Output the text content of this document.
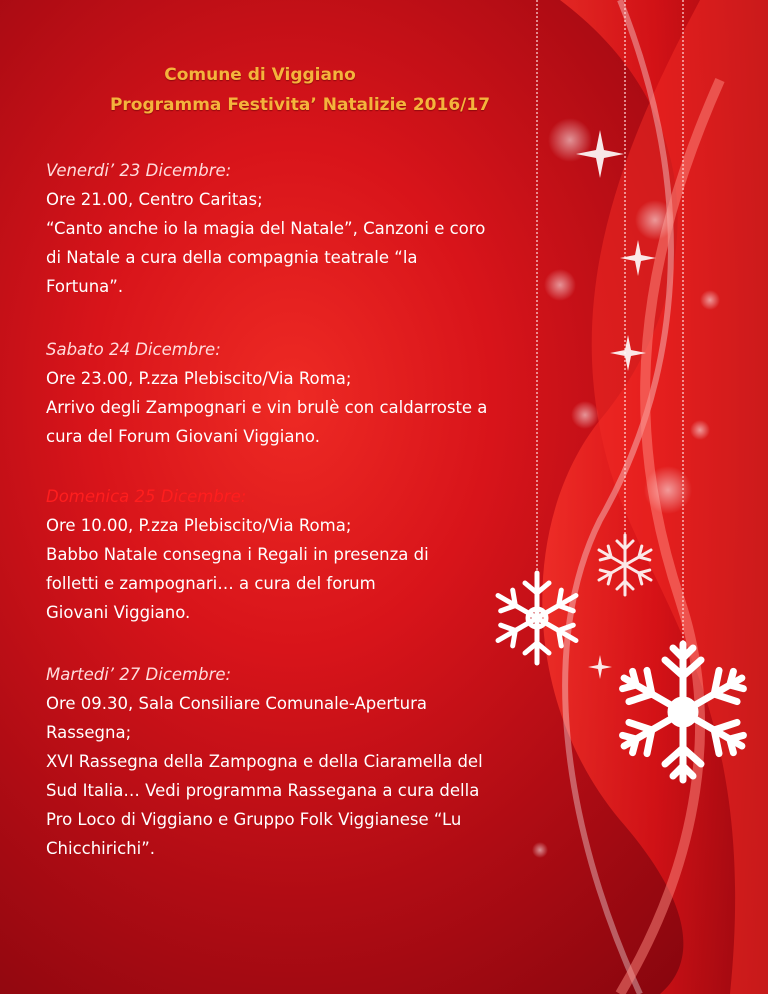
Comune di Viggiano
Programma Festivita’ Natalizie 2016/17
Venerdi’ 23 Dicembre:
Ore 21.00, Centro Caritas;
“Canto anche io la magia del Natale”, Canzoni e coro
di Natale a cura della compagnia teatrale “la
Fortuna”.
Sabato 24 Dicembre:
Ore 23.00, P.zza Plebiscito/Via Roma;
Arrivo degli Zampognari e vin brulè con caldarroste a
cura del Forum Giovani Viggiano.
Domenica 25 Dicembre:
Ore 10.00, P.zza Plebiscito/Via Roma;
Babbo Natale consegna i Regali in presenza di
folletti e zampognari… a cura del forum
Giovani Viggiano.
Martedi’ 27 Dicembre:
Ore 09.30, Sala Consiliare Comunale-Apertura
Rassegna;
XVI Rassegna della Zampogna e della Ciaramella del
Sud Italia… Vedi programma Rassegana a cura della
Pro Loco di Viggiano e Gruppo Folk Viggianese “Lu
Chicchirichi”.
